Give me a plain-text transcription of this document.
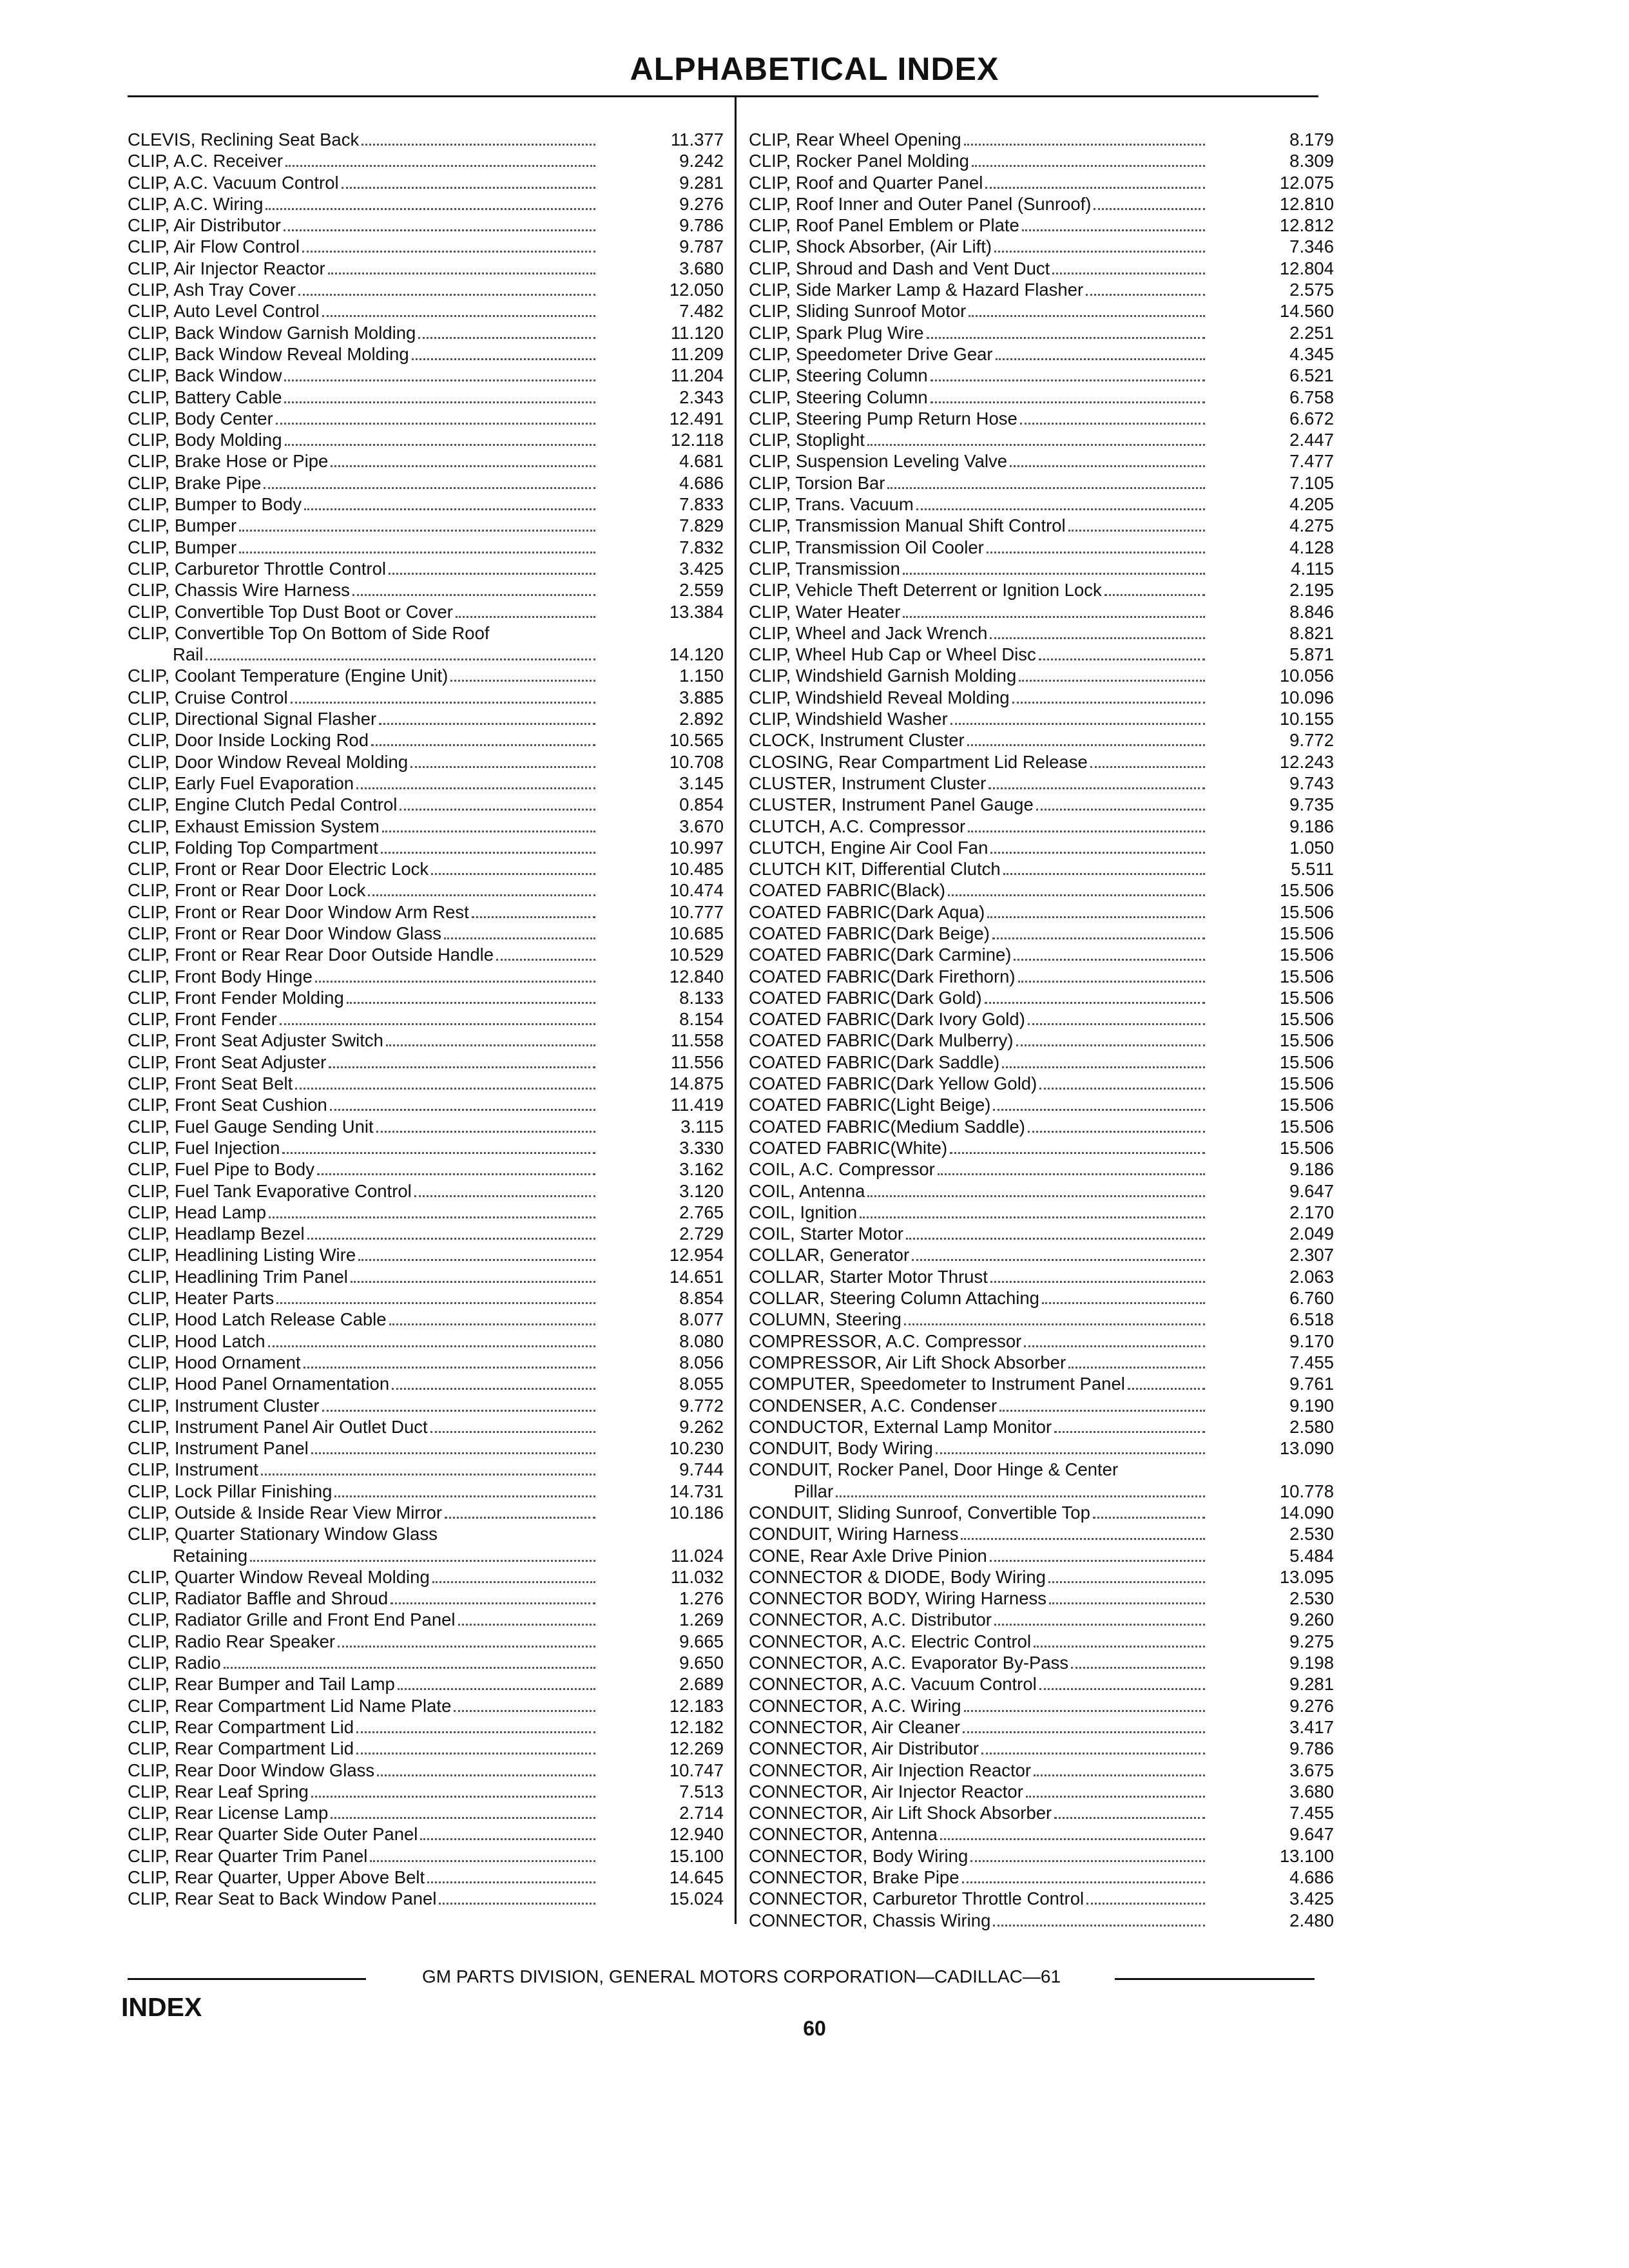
ALPHABETICAL INDEX
CLEVIS, Reclining Seat Back	11.377
CLIP, A.C. Receiver	9.242
CLIP, A.C. Vacuum Control	9.281
CLIP, A.C. Wiring	9.276
CLIP, Air Distributor	9.786
CLIP, Air Flow Control	9.787
CLIP, Air Injector Reactor	3.680
CLIP, Ash Tray Cover	12.050
CLIP, Auto Level Control	7.482
CLIP, Back Window Garnish Molding	11.120
CLIP, Back Window Reveal Molding	11.209
CLIP, Back Window	11.204
CLIP, Battery Cable	2.343
CLIP, Body Center	12.491
CLIP, Body Molding	12.118
CLIP, Brake Hose or Pipe	4.681
CLIP, Brake Pipe	4.686
CLIP, Bumper to Body	7.833
CLIP, Bumper	7.829
CLIP, Bumper	7.832
CLIP, Carburetor Throttle Control	3.425
CLIP, Chassis Wire Harness	2.559
CLIP, Convertible Top Dust Boot or Cover	13.384
CLIP, Convertible Top On Bottom of Side Roof
Rail	14.120
CLIP, Coolant Temperature (Engine Unit)	1.150
CLIP, Cruise Control	3.885
CLIP, Directional Signal Flasher	2.892
CLIP, Door Inside Locking Rod	10.565
CLIP, Door Window Reveal Molding	10.708
CLIP, Early Fuel Evaporation	3.145
CLIP, Engine Clutch Pedal Control	0.854
CLIP, Exhaust Emission System	3.670
CLIP, Folding Top Compartment	10.997
CLIP, Front or Rear Door Electric Lock	10.485
CLIP, Front or Rear Door Lock	10.474
CLIP, Front or Rear Door Window Arm Rest	10.777
CLIP, Front or Rear Door Window Glass	10.685
CLIP, Front or Rear Rear Door Outside Handle	10.529
CLIP, Front Body Hinge	12.840
CLIP, Front Fender Molding	8.133
CLIP, Front Fender	8.154
CLIP, Front Seat Adjuster Switch	11.558
CLIP, Front Seat Adjuster	11.556
CLIP, Front Seat Belt	14.875
CLIP, Front Seat Cushion	11.419
CLIP, Fuel Gauge Sending Unit	3.115
CLIP, Fuel Injection	3.330
CLIP, Fuel Pipe to Body	3.162
CLIP, Fuel Tank Evaporative Control	3.120
CLIP, Head Lamp	2.765
CLIP, Headlamp Bezel	2.729
CLIP, Headlining Listing Wire	12.954
CLIP, Headlining Trim Panel	14.651
CLIP, Heater Parts	8.854
CLIP, Hood Latch Release Cable	8.077
CLIP, Hood Latch	8.080
CLIP, Hood Ornament	8.056
CLIP, Hood Panel Ornamentation	8.055
CLIP, Instrument Cluster	9.772
CLIP, Instrument Panel Air Outlet Duct	9.262
CLIP, Instrument Panel	10.230
CLIP, Instrument	9.744
CLIP, Lock Pillar Finishing	14.731
CLIP, Outside & Inside Rear View Mirror	10.186
CLIP, Quarter Stationary Window Glass
Retaining	11.024
CLIP, Quarter Window Reveal Molding	11.032
CLIP, Radiator Baffle and Shroud	1.276
CLIP, Radiator Grille and Front End Panel	1.269
CLIP, Radio Rear Speaker	9.665
CLIP, Radio	9.650
CLIP, Rear Bumper and Tail Lamp	2.689
CLIP, Rear Compartment Lid Name Plate	12.183
CLIP, Rear Compartment Lid	12.182
CLIP, Rear Compartment Lid	12.269
CLIP, Rear Door Window Glass	10.747
CLIP, Rear Leaf Spring	7.513
CLIP, Rear License Lamp	2.714
CLIP, Rear Quarter Side Outer Panel	12.940
CLIP, Rear Quarter Trim Panel	15.100
CLIP, Rear Quarter, Upper Above Belt	14.645
CLIP, Rear Seat to Back Window Panel	15.024
CLIP, Rear Wheel Opening	8.179
CLIP, Rocker Panel Molding	8.309
CLIP, Roof and Quarter Panel	12.075
CLIP, Roof Inner and Outer Panel (Sunroof)	12.810
CLIP, Roof Panel Emblem or Plate	12.812
CLIP, Shock Absorber, (Air Lift)	7.346
CLIP, Shroud and Dash and Vent Duct	12.804
CLIP, Side Marker Lamp & Hazard Flasher	2.575
CLIP, Sliding Sunroof Motor	14.560
CLIP, Spark Plug Wire	2.251
CLIP, Speedometer Drive Gear	4.345
CLIP, Steering Column	6.521
CLIP, Steering Column	6.758
CLIP, Steering Pump Return Hose	6.672
CLIP, Stoplight	2.447
CLIP, Suspension Leveling Valve	7.477
CLIP, Torsion Bar	7.105
CLIP, Trans. Vacuum	4.205
CLIP, Transmission Manual Shift Control	4.275
CLIP, Transmission Oil Cooler	4.128
CLIP, Transmission	4.115
CLIP, Vehicle Theft Deterrent or Ignition Lock	2.195
CLIP, Water Heater	8.846
CLIP, Wheel and Jack Wrench	8.821
CLIP, Wheel Hub Cap or Wheel Disc	5.871
CLIP, Windshield Garnish Molding	10.056
CLIP, Windshield Reveal Molding	10.096
CLIP, Windshield Washer	10.155
CLOCK, Instrument Cluster	9.772
CLOSING, Rear Compartment Lid Release	12.243
CLUSTER, Instrument Cluster	9.743
CLUSTER, Instrument Panel Gauge	9.735
CLUTCH, A.C. Compressor	9.186
CLUTCH, Engine Air Cool Fan	1.050
CLUTCH KIT, Differential Clutch	5.511
COATED FABRIC(Black)	15.506
COATED FABRIC(Dark Aqua)	15.506
COATED FABRIC(Dark Beige)	15.506
COATED FABRIC(Dark Carmine)	15.506
COATED FABRIC(Dark Firethorn)	15.506
COATED FABRIC(Dark Gold)	15.506
COATED FABRIC(Dark Ivory Gold)	15.506
COATED FABRIC(Dark Mulberry)	15.506
COATED FABRIC(Dark Saddle)	15.506
COATED FABRIC(Dark Yellow Gold)	15.506
COATED FABRIC(Light Beige)	15.506
COATED FABRIC(Medium Saddle)	15.506
COATED FABRIC(White)	15.506
COIL, A.C. Compressor	9.186
COIL, Antenna	9.647
COIL, Ignition	2.170
COIL, Starter Motor	2.049
COLLAR, Generator	2.307
COLLAR, Starter Motor Thrust	2.063
COLLAR, Steering Column Attaching	6.760
COLUMN, Steering	6.518
COMPRESSOR, A.C. Compressor	9.170
COMPRESSOR, Air Lift Shock Absorber	7.455
COMPUTER, Speedometer to Instrument Panel	9.761
CONDENSER, A.C. Condenser	9.190
CONDUCTOR, External Lamp Monitor	2.580
CONDUIT, Body Wiring	13.090
CONDUIT, Rocker Panel, Door Hinge & Center
Pillar	10.778
CONDUIT, Sliding Sunroof, Convertible Top	14.090
CONDUIT, Wiring Harness	2.530
CONE, Rear Axle Drive Pinion	5.484
CONNECTOR & DIODE, Body Wiring	13.095
CONNECTOR BODY, Wiring Harness	2.530
CONNECTOR, A.C. Distributor	9.260
CONNECTOR, A.C. Electric Control	9.275
CONNECTOR, A.C. Evaporator By-Pass	9.198
CONNECTOR, A.C. Vacuum Control	9.281
CONNECTOR, A.C. Wiring	9.276
CONNECTOR, Air Cleaner	3.417
CONNECTOR, Air Distributor	9.786
CONNECTOR, Air Injection Reactor	3.675
CONNECTOR, Air Injector Reactor	3.680
CONNECTOR, Air Lift Shock Absorber	7.455
CONNECTOR, Antenna	9.647
CONNECTOR, Body Wiring	13.100
CONNECTOR, Brake Pipe	4.686
CONNECTOR, Carburetor Throttle Control	3.425
CONNECTOR, Chassis Wiring	2.480
GM PARTS DIVISION, GENERAL MOTORS CORPORATION—CADILLAC—61
INDEX
60
